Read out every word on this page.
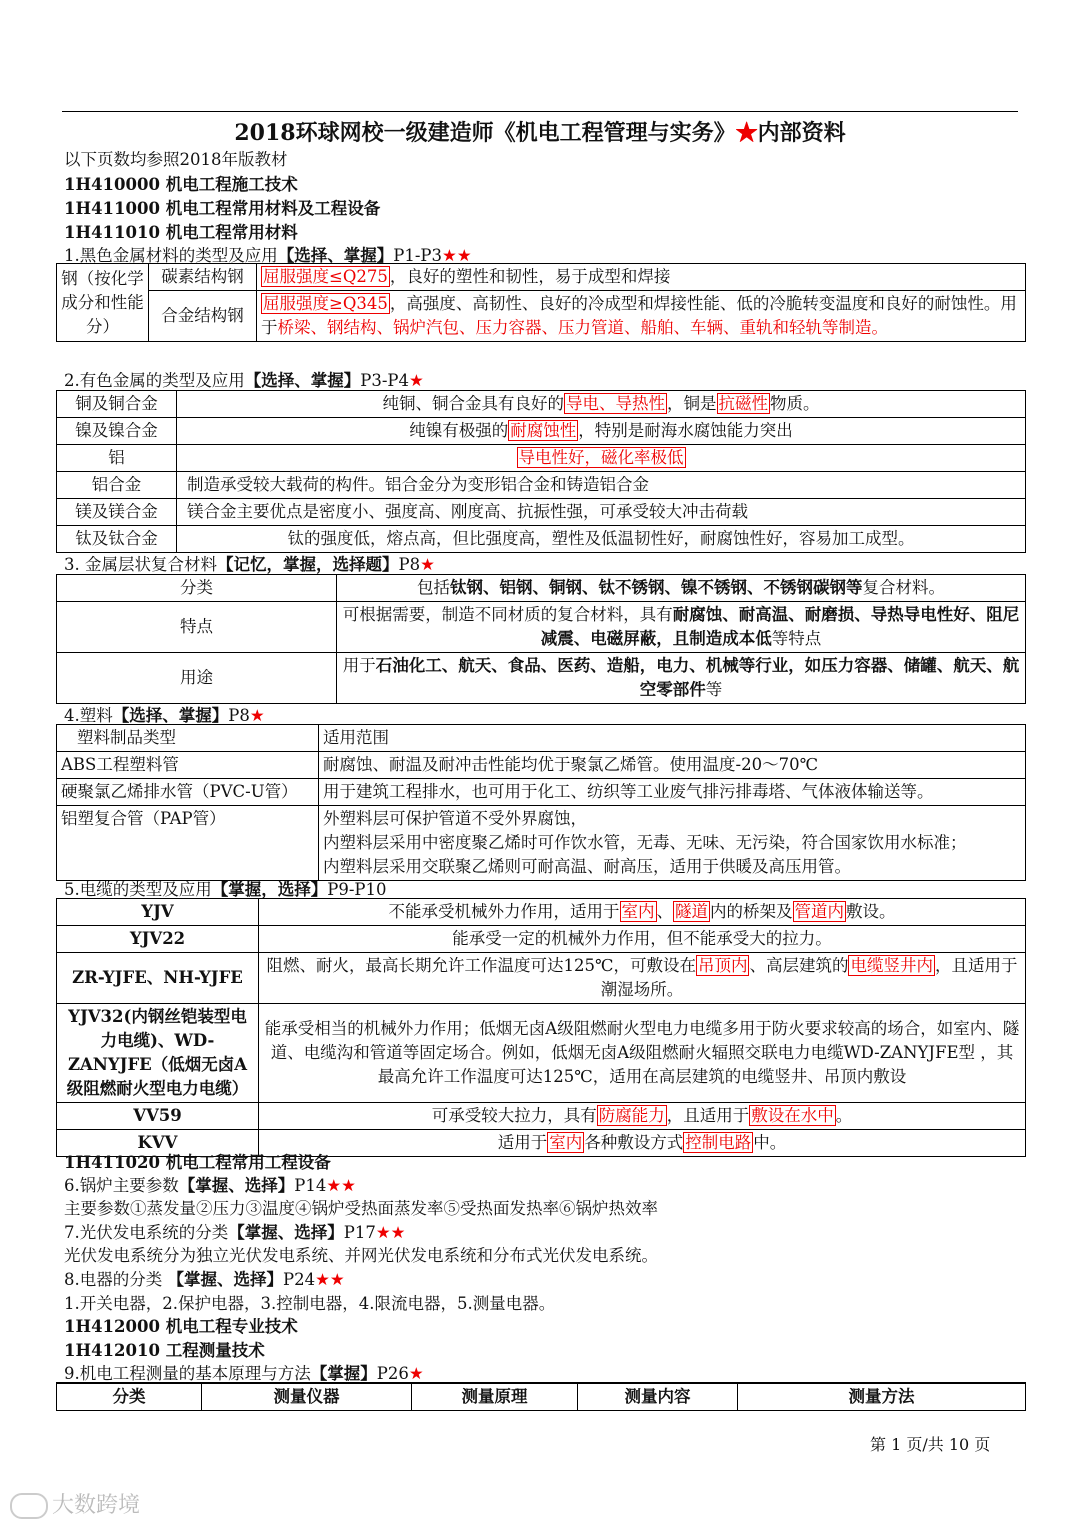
2018环球网校一级建造师《机电工程管理与实务》★内部资料
以下页数均参照2018年版教材
1H410000 机电工程施工技术
1H411000 机电工程常用材料及工程设备
1H411010 机电工程常用材料
1.黑色金属材料的类型及应用【选择、掌握】P1-P3★★
钢（按化学成分和性能分）	碳素结构钢	屈服强度≤Q275 ，良好的塑性和韧性，易于成型和焊接
	合金结构钢	屈服强度≥Q345 ，高强度、高韧性、良好的冷成型和焊接性能、低的冷脆转变温度和良好的耐蚀性。用于桥梁、钢结构、锅炉汽包、压力容器、压力管道、船舶、车辆、重轨和轻轨等制造。
2.有色金属的类型及应用【选择、掌握】P3-P4★
铜及铜合金	纯铜、铜合金具有良好的 导电、导热性 ，铜是 抗磁性 物质。
镍及镍合金	纯镍有极强的 耐腐蚀性 ，特别是耐海水腐蚀能力突出
铝	导电性好，磁化率极低
铝合金	制造承受较大载荷的构件。铝合金分为变形铝合金和铸造铝合金
镁及镁合金	镁合金主要优点是密度小、强度高、刚度高、抗振性强，可承受较大冲击荷载
钛及钛合金	钛的强度低，熔点高，但比强度高，塑性及低温韧性好，耐腐蚀性好，容易加工成型。
3. 金属层状复合材料【记忆，掌握，选择题】P8★
分类	包括钛钢、铝钢、铜钢、钛不锈钢、镍不锈钢、不锈钢碳钢等复合材料。
特点	可根据需要，制造不同材质的复合材料，具有耐腐蚀、耐高温、耐磨损、导热导电性好、阻尼减震、电磁屏蔽，且制造成本低等特点
用途	用于石油化工、航天、食品、医药、造船，电力、机械等行业，如压力容器、储罐、航天、航空零部件等
4.塑料【选择、掌握】P8★
塑料制品类型	适用范围
ABS工程塑料管	耐腐蚀、耐温及耐冲击性能均优于聚氯乙烯管。使用温度-20～70℃
硬聚氯乙烯排水管（PVC-U管）	用于建筑工程排水，也可用于化工、纺织等工业废气排污排毒塔、气体液体输送等。
铝塑复合管（PAP管）	外塑料层可保护管道不受外界腐蚀，
内塑料层采用中密度聚乙烯时可作饮水管，无毒、无味、无污染，符合国家饮用水标准；
内塑料层采用交联聚乙烯则可耐高温、耐高压，适用于供暖及高压用管。
5.电缆的类型及应用【掌握，选择】P9-P10
YJV	不能承受机械外力作用，适用于 室内 、 隧道 内的桥架及 管道内 敷设。
YJV22	能承受一定的机械外力作用，但不能承受大的拉力。
ZR-YJFE、NH-YJFE	阻燃、耐火，最高长期允许工作温度可达125℃，可敷设在 吊顶内 、高层建筑的 电缆竖井内 ，且适用于潮湿场所。
YJV32(内钢丝铠装型电力电缆)、WD-ZANYJFE（低烟无卤A级阻燃耐火型电力电缆）	能承受相当的机械外力作用；低烟无卤A级阻燃耐火型电力电缆多用于防火要求较高的场合，如室内、隧道、电缆沟和管道等固定场合。例如，低烟无卤A级阻燃耐火辐照交联电力电缆WD-ZANYJFE型 ，其最高允许工作温度可达125℃，适用在高层建筑的电缆竖井、吊顶内敷设
VV59	可承受较大拉力，具有 防腐能力 ，且适用于 敷设在水中 。
KVV	适用于 室内 各种敷设方式 控制电路 中。
1H411020 机电工程常用工程设备
6.锅炉主要参数【掌握、选择】P14★★
主要参数①蒸发量②压力③温度④锅炉受热面蒸发率⑤受热面发热率⑥锅炉热效率
7.光伏发电系统的分类【掌握、选择】P17★★
光伏发电系统分为独立光伏发电系统、并网光伏发电系统和分布式光伏发电系统。
8.电器的分类 【掌握、选择】P24★★
1.开关电器，2.保护电器，3.控制电器，4.限流电器，5.测量电器。
1H412000 机电工程专业技术
1H412010 工程测量技术
9.机电工程测量的基本原理与方法【掌握】P26★
分类	测量仪器	测量原理	测量内容	测量方法
第 1 页/共 10 页
大数跨境
